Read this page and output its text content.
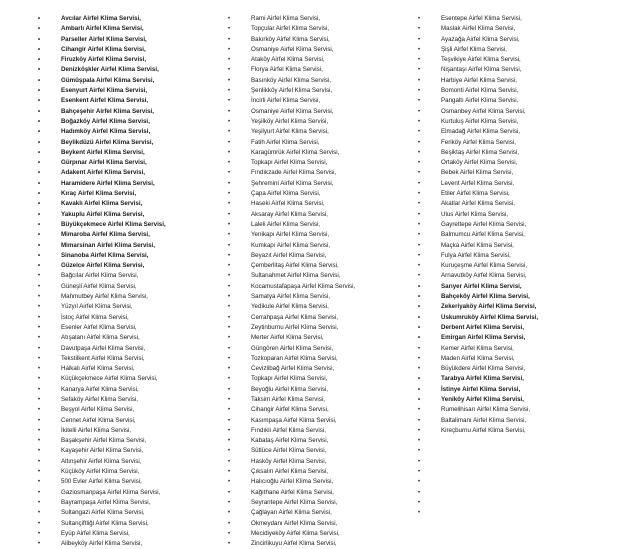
• Avcılar Airfel Klima Servisi,
• Ambarlı Airfel Klima Servisi,
• Parseller Airfel Klima Servisi,
• Cihangir Airfel Klima Servisi,
• Firuzköy Airfel Klima Servisi,
• Denizköşkler Airfel Klima Servisi,
• Gümüşpala Airfel Klima Servisi,
• Esenyurt Airfel Klima Servisi,
• Esenkent Airfel Klima Servisi,
• Bahçeşehir Airfel Klima Servisi,
• Boğazköy Airfel Klima Servisi,
• Hadımköy Airfel Klima Servisi,
• Beylikdüzü Airfel Klima Servisi,
• Beykent Airfel Klima Servisi,
• Gürpınar Airfel Klima Servisi,
• Adakent Airfel Klima Servisi,
• Haramidere Airfel Klima Servisi,
• Kıraç Airfel Klima Servisi,
• Kavaklı Airfel Klima Servisi,
• Yakuplu Airfel Klima Servisi,
• Büyükçekmece Airfel Klima Servisi,
• Mimaroba Airfel Klima Servisi,
• Mimarsinan Airfel Klima Servisi,
• Sinanoba Airfel Klima Servisi,
• Güzelce Airfel Klima Servisi,
• Bağcılar Airfel Klima Servisi,
• Güneşli Airfel Klima Servisi,
• Mahmutbey Airfel Klima Servisi,
• Yüzyıl Airfel Klima Servisi,
• İstoç Airfel Klima Servisi,
• Esenler Airfel Klima Servisi,
• Atışalanı Airfel Klima Servisi,
• Davutpaşa Airfel Klima Servisi,
• Tekstilkent Airfel Klima Servisi,
• Halkalı Airfel Klima Servisi,
• Küçükçekmece Airfel Klima Servisi,
• Kanarya Airfel Klima Servisi,
• Sefaköy Airfel Klima Servisi,
• Beşyol Airfel Klima Servisi,
• Cennet Airfel Klima Servisi,
• İkitelli Airfel Klima Servisi,
• Başakşehir Airfel Klima Servisi,
• Kayaşehir Airfel Klima Servisi,
• Altınşehir Airfel Klima Servisi,
• Küçüköy Airfel Klima Servisi,
• 500 Evler Airfel Klima Servisi,
• Gaziosmanpaşa Airfel Klima Servisi,
• Bayrampaşa Airfel Klima Servisi,
• Sultangazi Airfel Klima Servisi,
• Sultançiftliği Airfel Klima Servisi,
• Eyüp Airfel Klima Servisi,
• Alibeyköy Airfel Klima Servisi,
• Rami Airfel Klima Servisi,
• Topçular Airfel Klima Servisi,
• Bakırköy Airfel Klima Servisi,
• Osmaniye Airfel Klima Servisi,
• Ataköy Airfel Klima Servisi,
• Florya Airfel Klima Servisi,
• Basınköy Airfel Klima Servisi,
• Şenlikköy Airfel Klima Servisi,
• İncirli Airfel Klima Servisi,
• Osmaniye Airfel Klima Servisi,
• Yeşilköy Airfel Klima Servisi,
• Yeşilyurt Airfel Klima Servisi,
• Fatih Airfel Klima Servisi,
• Karagümrük Airfel Klima Servisi,
• Topkapı Airfel Klima Servisi,
• Fındıkzade Airfel Klima Servisi,
• Şehremini Airfel Klima Servisi,
• Çapa Airfel Klima Servisi,
• Haseki Airfel Klima Servisi,
• Aksaray Airfel Klima Servisi,
• Laleli Airfel Klima Servisi,
• Yenikapı Airfel Klima Servisi,
• Kumkapı Airfel Klima Servisi,
• Beyazıt Airfel Klima Servisi,
• Çemberlitaş Airfel Klima Servisi,
• Sultanahmet Airfel Klima Servisi,
• Kocamustafapaşa Airfel Klima Servisi,
• Samatya Airfel Klima Servisi,
• Yedikule Airfel Klima Servisi,
• Cerrahpaşa Airfel Klima Servisi,
• Zeytinburnu Airfel Klima Servisi,
• Merter Airfel Klima Servisi,
• Güngören Airfel Klima Servisi,
• Tozkoparan Airfel Klima Servisi,
• Cevizlibağ Airfel Klima Servisi,
• Topkapı Airfel Klima Servisi,
• Beyoğlu Airfel Klima Servisi,
• Taksim Airfel Klima Servisi,
• Cihangir Airfel Klima Servisi,
• Kasımpaşa Airfel Klima Servisi,
• Fındıklı Airfel Klima Servisi,
• Kabataş Airfel Klima Servisi,
• Sütlüce Airfel Klima Servisi,
• Hasköy Airfel Klima Servisi,
• Çıksalın Airfel Klima Servisi,
• Halıcıoğlu Airfel Klima Servisi,
• Kağıthane Airfel Klima Servisi,
• Seyrantepe Airfel Klima Servisi,
• Çağlayan Airfel Klima Servisi,
• Okmeydanı Airfel Klima Servisi,
• Mecidiyeköy Airfel Klima Servisi,
• Zincirlikuyu Airfel Klima Servisi,
• Esentepe Airfel Klima Servisi,
• Maslak Airfel Klima Servisi,
• Ayazağa Airfel Klima Servisi,
• Şişli Airfel Klima Servisi,
• Teşvikiye Airfel Klima Servisi,
• Nişantaşı Airfel Klima Servisi,
• Harbiye Airfel Klima Servisi,
• Bomonti Airfel Klima Servisi,
• Pangaltı Airfel Klima Servisi,
• Osmanbey Airfel Klima Servisi,
• Kurtuluş Airfel Klima Servisi,
• Elmadağ Airfel Klima Servisi,
• Feriköy Airfel Klima Servisi,
• Beşiktaş Airfel Klima Servisi,
• Ortaköy Airfel Klima Servisi,
• Bebek Airfel Klima Servisi,
• Levent Airfel Klima Servisi,
• Etiler Airfel Klima Servisi,
• Akatlar Airfel Klima Servisi,
• Ulus Airfel Klima Servisi,
• Gayrettepe Airfel Klima Servisi,
• Balmumcu Airfel Klima Servisi,
• Maçka Airfel Klima Servisi,
• Fulya Airfel Klima Servisi,
• Kuruçeşme Airfel Klima Servisi,
• Arnavutköy Airfel Klima Servisi,
• Sarıyer Airfel Klima Servisi,
• Bahçeköy Airfel Klima Servisi,
• Zekeriyaköy Airfel Klima Servisi,
• Uskumruköy Airfel Klima Servisi,
• Derbent Airfel Klima Servisi,
• Emirgan Airfel Klima Servisi,
• Kemer Airfel Klima Servisi,
• Maden Airfel Klima Servisi,
• Büyükdere Airfel Klima Servisi,
• Tarabya Airfel Klima Servisi,
• İstinye Airfel Klima Servisi,
• Yeniköy Airfel Klima Servisi,
• Rumelihisarı Airfel Klima Servisi,
• Baltalimanı Airfel Klima Servisi,
• Kireçburnu Airfel Klima Servisi,
•
•
•
•
•
•
•
•
